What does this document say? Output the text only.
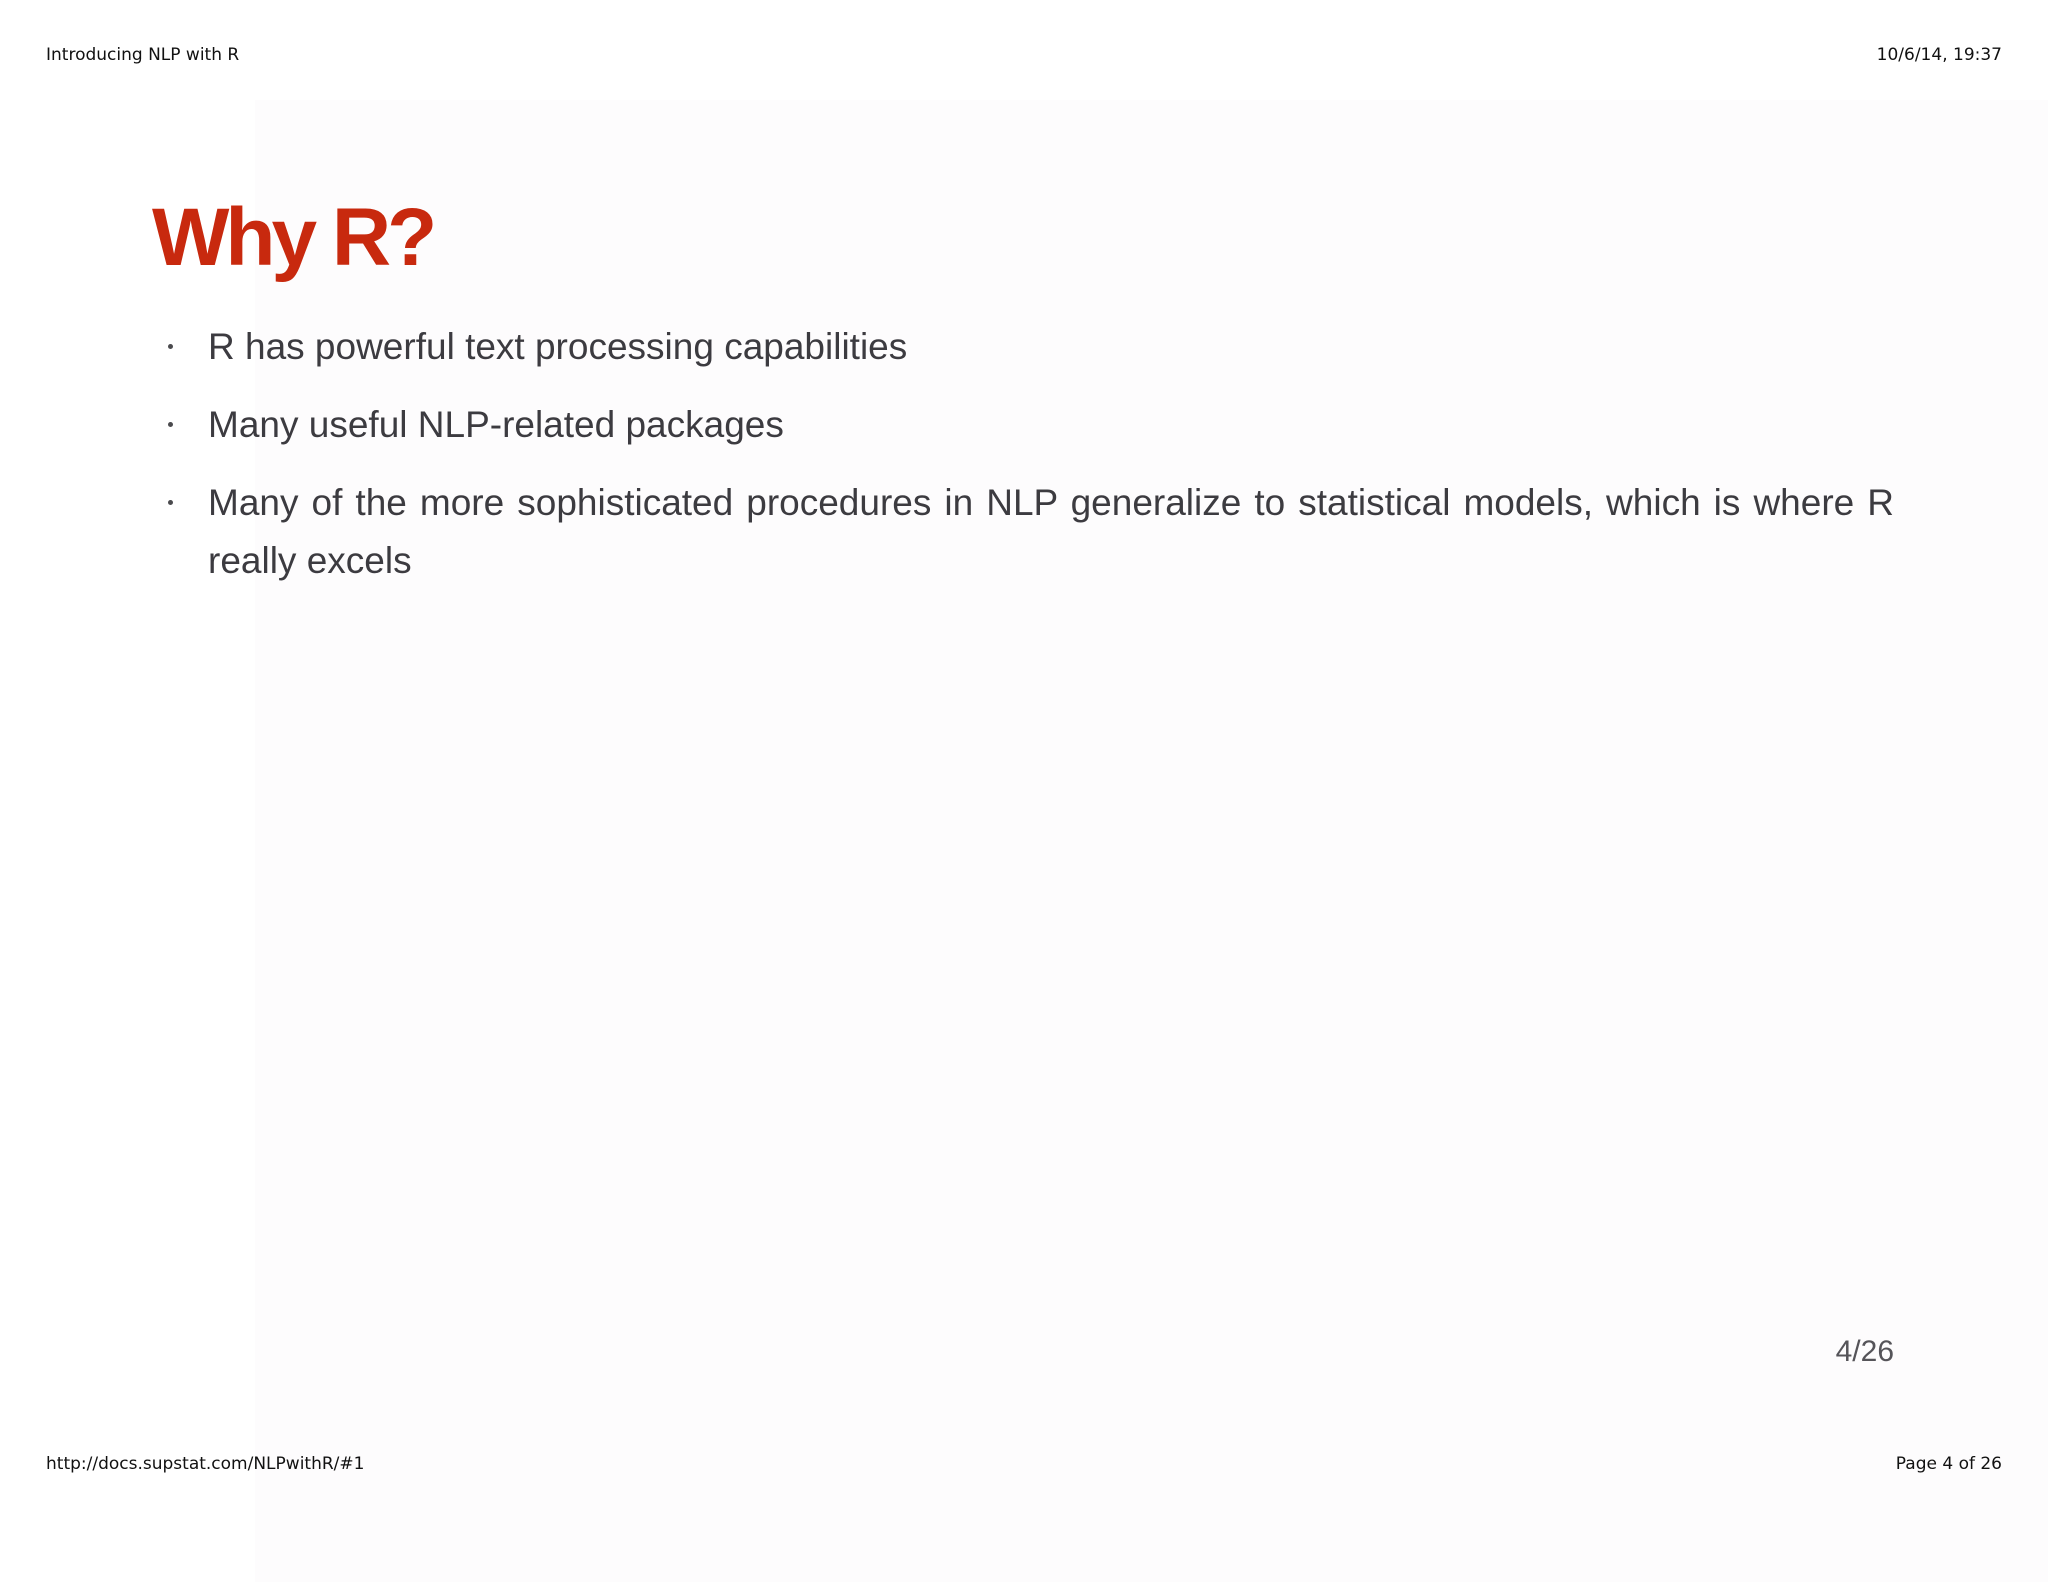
Introducing NLP with R	10/6/14, 19:37
Why R?
R has powerful text processing capabilities
Many useful NLP-related packages
Many of the more sophisticated procedures in NLP generalize to statistical models, which is where R really excels
4/26
http://docs.supstat.com/NLPwithR/#1	Page 4 of 26
